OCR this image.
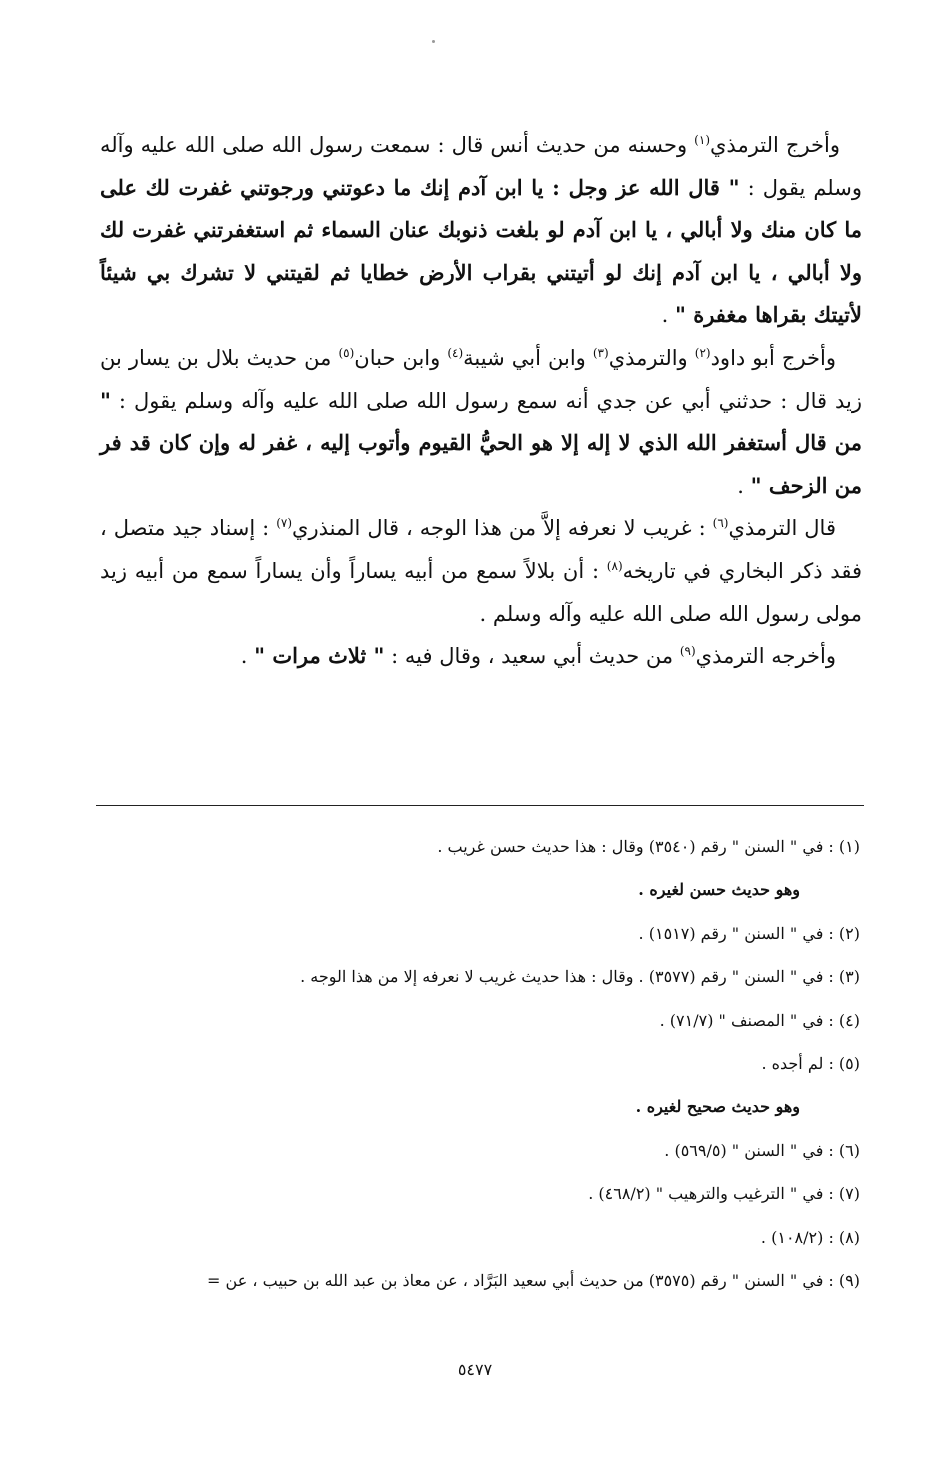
وأخرج الترمذي$^{(١)}$ وحسنه من حديث أنس قال : سمعت رسول الله صلى الله عليه وآله وسلم يقول : " قال الله عز وجل : يا ابن آدم إنك ما دعوتني ورجوتني غفرت لك على ما كان منك ولا أبالي ، يا ابن آدم لو بلغت ذنوبك عنان السماء ثم استغفرتني غفرت لك ولا أبالي ، يا ابن آدم إنك لو أتيتني بقراب الأرض خطايا ثم لقيتني لا تشرك بي شيئاً لأتيتك بقراها مغفرة " .

وأخرج أبو داود$^{(٢)}$ والترمذي$^{(٣)}$ وابن أبي شيبة$^{(٤)}$ وابن حبان$^{(٥)}$ من حديث بلال بن يسار بن زيد قال : حدثني أبي عن جدي أنه سمع رسول الله صلى الله عليه وآله وسلم يقول : " من قال أستغفر الله الذي لا إله إلا هو الحيُّ القيوم وأتوب إليه ، غفر له وإن كان قد فر من الزحف " .

قال الترمذي$^{(٦)}$ : غريب لا نعرفه إلاَّ من هذا الوجه ، قال المنذري$^{(٧)}$ : إسناد جيد متصل ، فقد ذكر البخاري في تاريخه$^{(٨)}$ : أن بلالاً سمع من أبيه يساراً وأن يساراً سمع من أبيه زيد مولى رسول الله صلى الله عليه وآله وسلم .

وأخرجه الترمذي$^{(٩)}$ من حديث أبي سعيد ، وقال فيه : " ثلاث مرات " .

(١) : في " السنن " رقم (٣٥٤٠) وقال : هذا حديث حسن غريب .
وهو حديث حسن لغيره .
(٢) : في " السنن " رقم (١٥١٧) .
(٣) : في " السنن " رقم (٣٥٧٧) . وقال : هذا حديث غريب لا نعرفه إلا من هذا الوجه .
(٤) : في " المصنف " (٧١/٧) .
(٥) : لم أجده .
وهو حديث صحيح لغيره .
(٦) : في " السنن " (٥٦٩/٥) .
(٧) : في " الترغيب والترهيب " (٤٦٨/٢) .
(٨) : (١٠٨/٢) .
(٩) : في " السنن " رقم (٣٥٧٥) من حديث أبي سعيد البَرَّاد ، عن معاذ بن عبد الله بن حبيب ، عن =
٥٤٧٧
